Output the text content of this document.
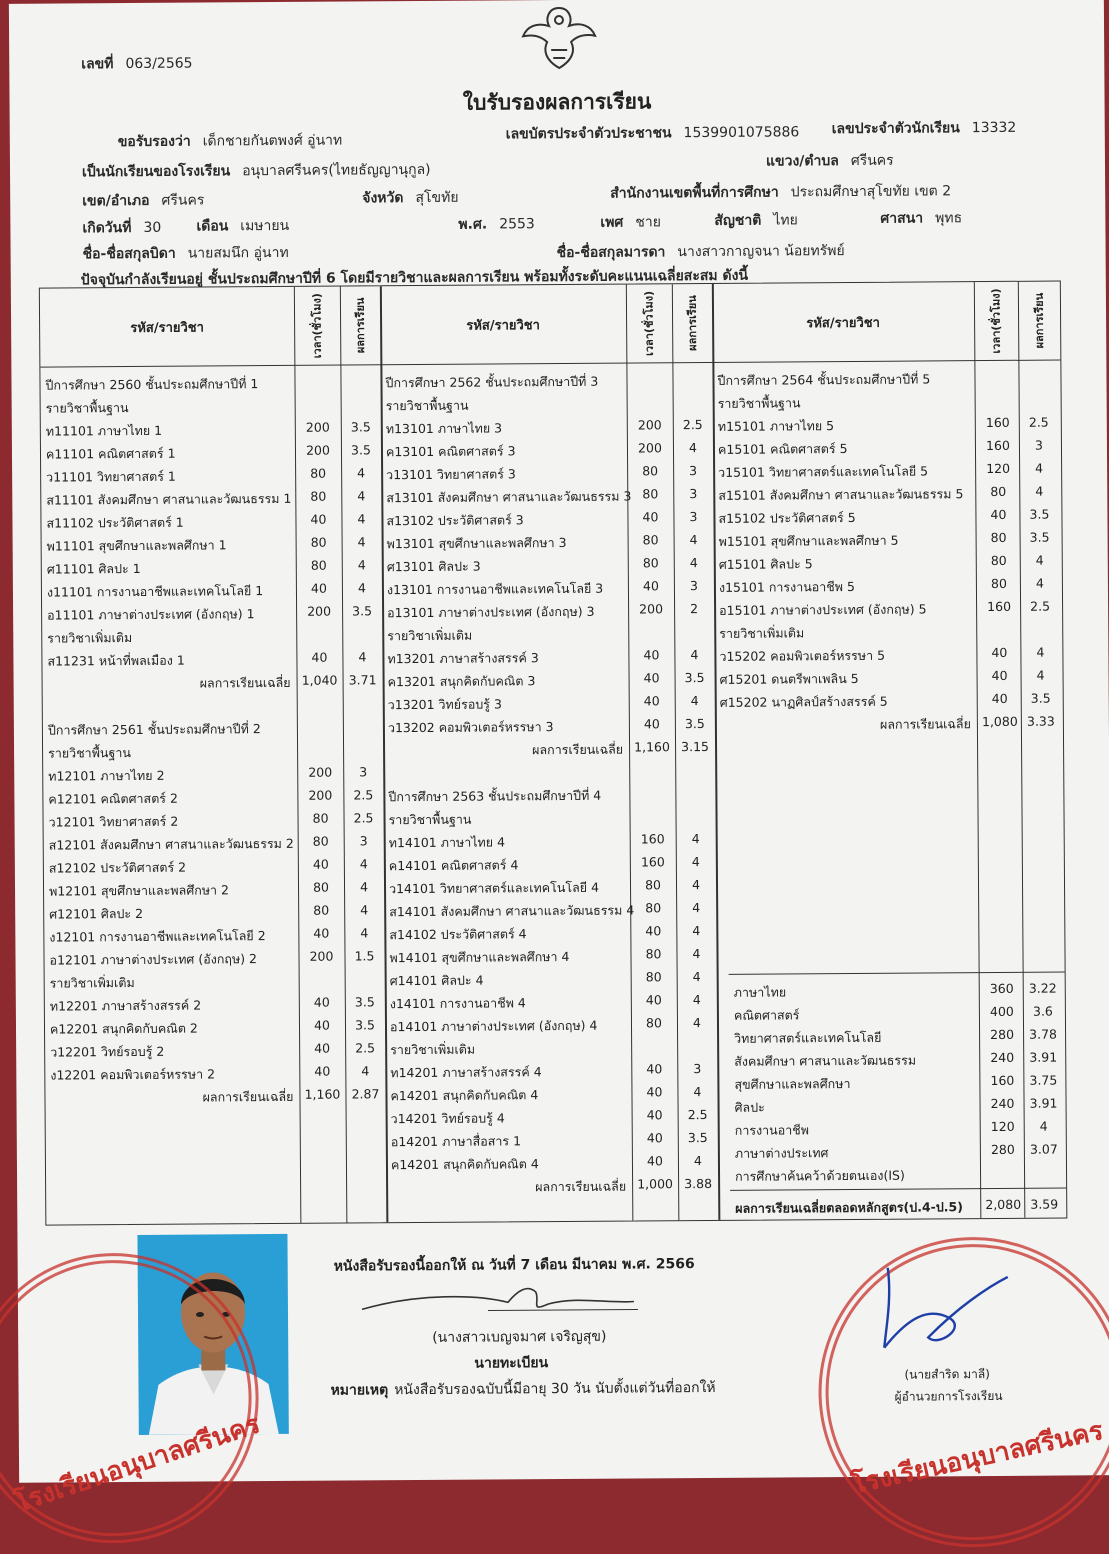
เลขที่ 063/2565
ใบรับรองผลการเรียน
ขอรับรองว่า เด็กชายกันตพงศ์ อู่นาท	เลขบัตรประจำตัวประชาชน 1539901075886 เลขประจำตัวนักเรียน 13332
เป็นนักเรียนของโรงเรียน อนุบาลศรีนคร(ไทยธัญญานุกูล)
แขวง/ตำบล ศรีนคร
เขต/อำเภอ ศรีนคร	จังหวัด สุโขทัย	สำนักงานเขตพื้นที่การศึกษา ประถมศึกษาสุโขทัย เขต 2
เกิดวันที่ 30	เดือน เมษายน	พ.ศ. 2553	เพศ ชาย	สัญชาติ ไทย	ศาสนา พุทธ
ชื่อ-ชื่อสกุลบิดา นายสมนึก อู่นาท	ชื่อ-ชื่อสกุลมารดา นางสาวกาญจนา น้อยทรัพย์
ปัจจุบันกำลังเรียนอยู่ ชั้นประถมศึกษาปีที่ 6 โดยมีรายวิชาและผลการเรียน พร้อมทั้งระดับคะแนนเฉลี่ยสะสม ดังนี้
รหัส/รายวิชา	เวลา(ชั่วโมง)	ผลการเรียน	รหัส/รายวิชา	เวลา(ชั่วโมง)	ผลการเรียน	รหัส/รายวิชา	เวลา(ชั่วโมง)	ผลการเรียน
ปีการศึกษา 2560 ชั้นประถมศึกษาปีที่ 1
รายวิชาพื้นฐาน
ท11101 ภาษาไทย 1	200	3.5
ค11101 คณิตศาสตร์ 1	200	3.5
ว11101 วิทยาศาสตร์ 1	80	4
ส11101 สังคมศึกษา ศาสนาและวัฒนธรรม 1	80	4
ส11102 ประวัติศาสตร์ 1	40	4
พ11101 สุขศึกษาและพลศึกษา 1	80	4
ศ11101 ศิลปะ 1	80	4
ง11101 การงานอาชีพและเทคโนโลยี 1	40	4
อ11101 ภาษาต่างประเทศ (อังกฤษ) 1	200	3.5
รายวิชาเพิ่มเติม
ส11231 หน้าที่พลเมือง 1	40	4
ผลการเรียนเฉลี่ย 1,040 3.71
ปีการศึกษา 2561 ชั้นประถมศึกษาปีที่ 2
รายวิชาพื้นฐาน
ท12101 ภาษาไทย 2	200	3
ค12101 คณิตศาสตร์ 2	200	2.5
ว12101 วิทยาศาสตร์ 2	80	2.5
ส12101 สังคมศึกษา ศาสนาและวัฒนธรรม 2	80	3
ส12102 ประวัติศาสตร์ 2	40	4
พ12101 สุขศึกษาและพลศึกษา 2	80	4
ศ12101 ศิลปะ 2	80	4
ง12101 การงานอาชีพและเทคโนโลยี 2	40	4
อ12101 ภาษาต่างประเทศ (อังกฤษ) 2	200	1.5
รายวิชาเพิ่มเติม
ท12201 ภาษาสร้างสรรค์ 2	40	3.5
ค12201 สนุกคิดกับคณิต 2	40	3.5
ว12201 วิทย์รอบรู้ 2	40	2.5
ง12201 คอมพิวเตอร์หรรษา 2	40	4
ผลการเรียนเฉลี่ย 1,160 2.87
ปีการศึกษา 2562 ชั้นประถมศึกษาปีที่ 3
รายวิชาพื้นฐาน
ท13101 ภาษาไทย 3	200	2.5
ค13101 คณิตศาสตร์ 3	200	4
ว13101 วิทยาศาสตร์ 3	80	3
ส13101 สังคมศึกษา ศาสนาและวัฒนธรรม 3 80	3
ส13102 ประวัติศาสตร์ 3	40	3
พ13101 สุขศึกษาและพลศึกษา 3	80	4
ศ13101 ศิลปะ 3	80	4
ง13101 การงานอาชีพและเทคโนโลยี 3	40	3
อ13101 ภาษาต่างประเทศ (อังกฤษ) 3	200	2
รายวิชาเพิ่มเติม
ท13201 ภาษาสร้างสรรค์ 3	40	4
ค13201 สนุกคิดกับคณิต 3	40	3.5
ว13201 วิทย์รอบรู้ 3	40	4
ว13202 คอมพิวเตอร์หรรษา 3	40	3.5
ผลการเรียนเฉลี่ย 1,160 3.15
ปีการศึกษา 2563 ชั้นประถมศึกษาปีที่ 4
รายวิชาพื้นฐาน
ท14101 ภาษาไทย 4	160	4
ค14101 คณิตศาสตร์ 4	160	4
ว14101 วิทยาศาสตร์และเทคโนโลยี 4	80	4
ส14101 สังคมศึกษา ศาสนาและวัฒนธรรม 4 80	4
ส14102 ประวัติศาสตร์ 4	40	4
พ14101 สุขศึกษาและพลศึกษา 4	80	4
ศ14101 ศิลปะ 4	80	4
ง14101 การงานอาชีพ 4	40	4
อ14101 ภาษาต่างประเทศ (อังกฤษ) 4	80	4
รายวิชาเพิ่มเติม
ท14201 ภาษาสร้างสรรค์ 4	40	3
ค14201 สนุกคิดกับคณิต 4	40	4
ว14201 วิทย์รอบรู้ 4	40	2.5
อ14201 ภาษาสื่อสาร 1	40	3.5
ค14201 สนุกคิดกับคณิต 4	40	4
ผลการเรียนเฉลี่ย 1,000 3.88
ปีการศึกษา 2564 ชั้นประถมศึกษาปีที่ 5
รายวิชาพื้นฐาน
ท15101 ภาษาไทย 5	160	2.5
ค15101 คณิตศาสตร์ 5	160	3
ว15101 วิทยาศาสตร์และเทคโนโลยี 5	120	4
ส15101 สังคมศึกษา ศาสนาและวัฒนธรรม 5	80	4
ส15102 ประวัติศาสตร์ 5	40	3.5
พ15101 สุขศึกษาและพลศึกษา 5	80	3.5
ศ15101 ศิลปะ 5	80	4
ง15101 การงานอาชีพ 5	80	4
อ15101 ภาษาต่างประเทศ (อังกฤษ) 5	160	2.5
รายวิชาเพิ่มเติม
ว15202 คอมพิวเตอร์หรรษา 5	40	4
ศ15201 ดนตรีพาเพลิน 5	40	4
ศ15202 นาฏศิลป์สร้างสรรค์ 5	40	3.5
ผลการเรียนเฉลี่ย 1,080 3.33
ภาษาไทย	360	3.22
คณิตศาสตร์	400	3.6
วิทยาศาสตร์และเทคโนโลยี	280	3.78
สังคมศึกษา ศาสนาและวัฒนธรรม	240	3.91
สุขศึกษาและพลศึกษา	160	3.75
ศิลปะ	240	3.91
การงานอาชีพ	120	4
ภาษาต่างประเทศ	280	3.07
การศึกษาค้นคว้าด้วยตนเอง(IS)
ผลการเรียนเฉลี่ยตลอดหลักสูตร(ป.4-ป.5)	2,080 3.59
โรงเรียนอนุบาลศรีนคร	โรงเรียนอนุบาลศรีนคร
หนังสือรับรองนี้ออกให้ ณ วันที่ 7 เดือน มีนาคม พ.ศ. 2566
(นางสาวเบญจมาศ เจริญสุข)
นายทะเบียน
หมายเหตุ หนังสือรับรองฉบับนี้มีอายุ 30 วัน นับตั้งแต่วันที่ออกให้
(นายสำริด มาลี)
ผู้อำนวยการโรงเรียน
